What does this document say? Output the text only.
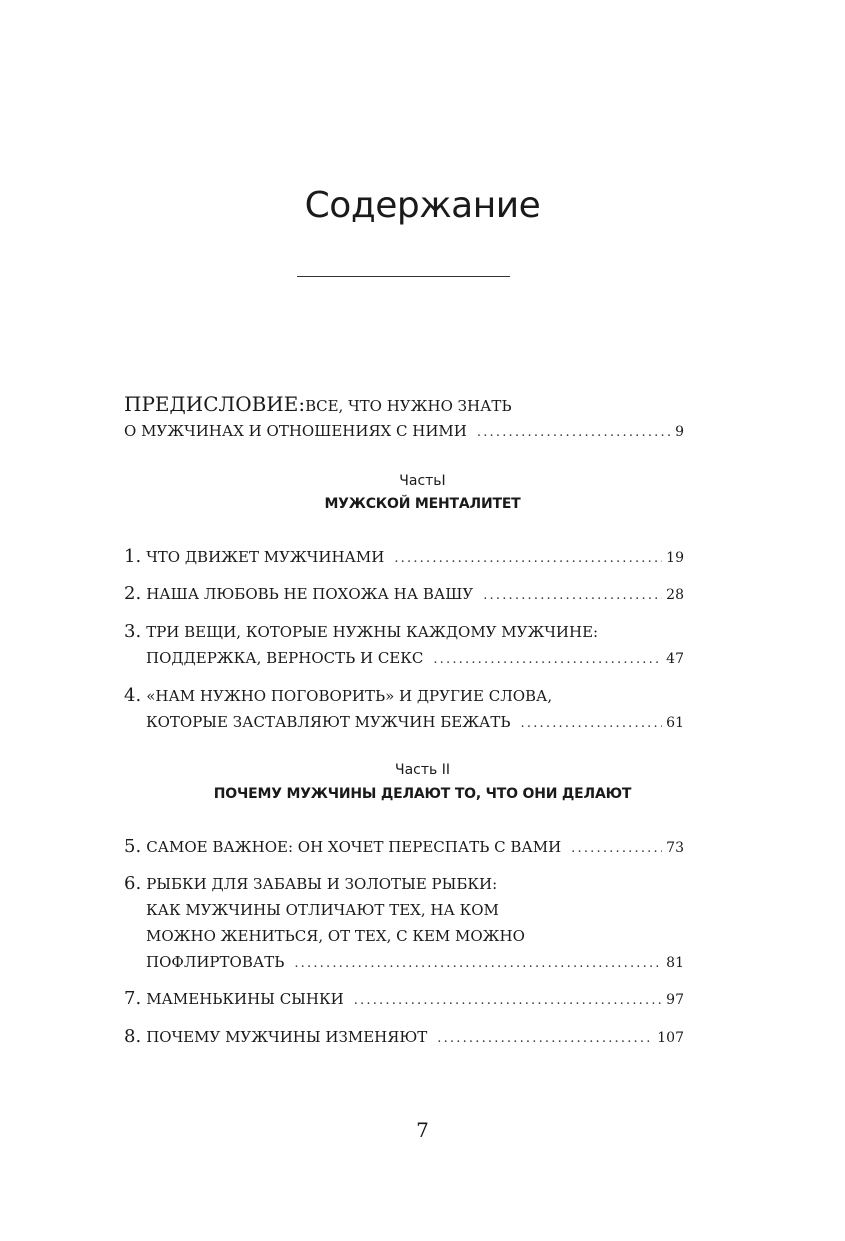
Содержание
ПРЕДИСЛОВИЕ: ВСЕ, ЧТО НУЖНО ЗНАТЬ
О МУЖЧИНАХ И ОТНОШЕНИЯХ С НИМИ .....	9
ЧастьI
МУЖСКОЙ МЕНТАЛИТЕТ
1. ЧТО ДВИЖЕТ МУЖЧИНАМИ .....	19
2. НАША ЛЮБОВЬ НЕ ПОХОЖА НА ВАШУ .....	28
3. ТРИ ВЕЩИ, КОТОРЫЕ НУЖНЫ КАЖДОМУ МУЖЧИНЕ:
ПОДДЕРЖКА, ВЕРНОСТЬ И СЕКС .....	47
4. «НАМ НУЖНО ПОГОВОРИТЬ» И ДРУГИЕ СЛОВА,
КОТОРЫЕ ЗАСТАВЛЯЮТ МУЖЧИН БЕЖАТЬ .....	61
Часть II
ПОЧЕМУ МУЖЧИНЫ ДЕЛАЮТ ТО, ЧТО ОНИ ДЕЛАЮТ
5. САМОЕ ВАЖНОЕ: ОН ХОЧЕТ ПЕРЕСПАТЬ С ВАМИ .....	73
6. РЫБКИ ДЛЯ ЗАБАВЫ И ЗОЛОТЫЕ РЫБКИ:
КАК МУЖЧИНЫ ОТЛИЧАЮТ ТЕХ, НА КОМ
МОЖНО ЖЕНИТЬСЯ, ОТ ТЕХ, С КЕМ МОЖНО
ПОФЛИРТОВАТЬ .....	81
7. МАМЕНЬКИНЫ СЫНКИ .....	97
8. ПОЧЕМУ МУЖЧИНЫ ИЗМЕНЯЮТ .....	107
7
